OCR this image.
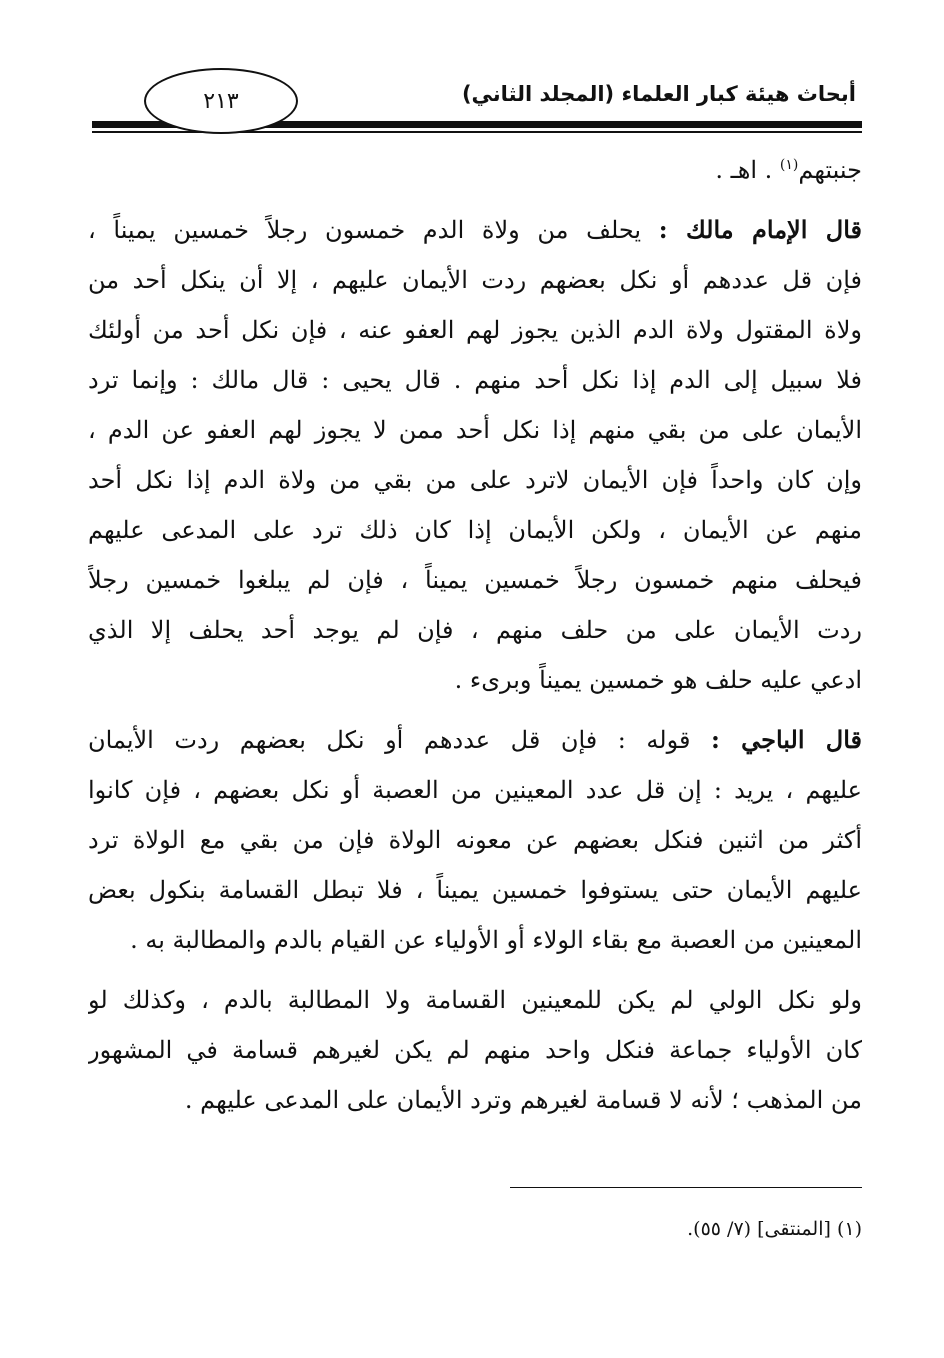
أبحاث هيئة كبار العلماء (المجلد الثاني)
٢١٣

جنبتهم$^{(١)}$ . اهـ .

قال الإمام مالك : يحلف من ولاة الدم خمسون رجلاً خمسين يميناً ،
فإن قل عددهم أو نكل بعضهم ردت الأيمان عليهم ، إلا أن ينكل أحد من
ولاة المقتول ولاة الدم الذين يجوز لهم العفو عنه ، فإن نكل أحد من أولئك
فلا سبيل إلى الدم إذا نكل أحد منهم . قال يحيى : قال مالك : وإنما ترد
الأيمان على من بقي منهم إذا نكل أحد ممن لا يجوز لهم العفو عن الدم ،
وإن كان واحداً فإن الأيمان لاترد على من بقي من ولاة الدم إذا نكل أحد
منهم عن الأيمان ، ولكن الأيمان إذا كان ذلك ترد على المدعى عليهم
فيحلف منهم خمسون رجلاً خمسين يميناً ، فإن لم يبلغوا خمسين رجلاً
ردت الأيمان على من حلف منهم ، فإن لم يوجد أحد يحلف إلا الذي
ادعي عليه حلف هو خمسين يميناً وبرىء .

قال الباجي : قوله : فإن قل عددهم أو نكل بعضهم ردت الأيمان
عليهم ، يريد : إن قل عدد المعينين من العصبة أو نكل بعضهم ، فإن كانوا
أكثر من اثنين فنكل بعضهم عن معونه الولاة فإن من بقي مع الولاة ترد
عليهم الأيمان حتى يستوفوا خمسين يميناً ، فلا تبطل القسامة بنكول بعض
المعينين من العصبة مع بقاء الولاء أو الأولياء عن القيام بالدم والمطالبة به .

ولو نكل الولي لم يكن للمعينين القسامة ولا المطالبة بالدم ، وكذلك لو
كان الأولياء جماعة فنكل واحد منهم لم يكن لغيرهم قسامة في المشهور
من المذهب ؛ لأنه لا قسامة لغيرهم وترد الأيمان على المدعى عليهم .

(١) [المنتقى] (٧/ ٥٥).
